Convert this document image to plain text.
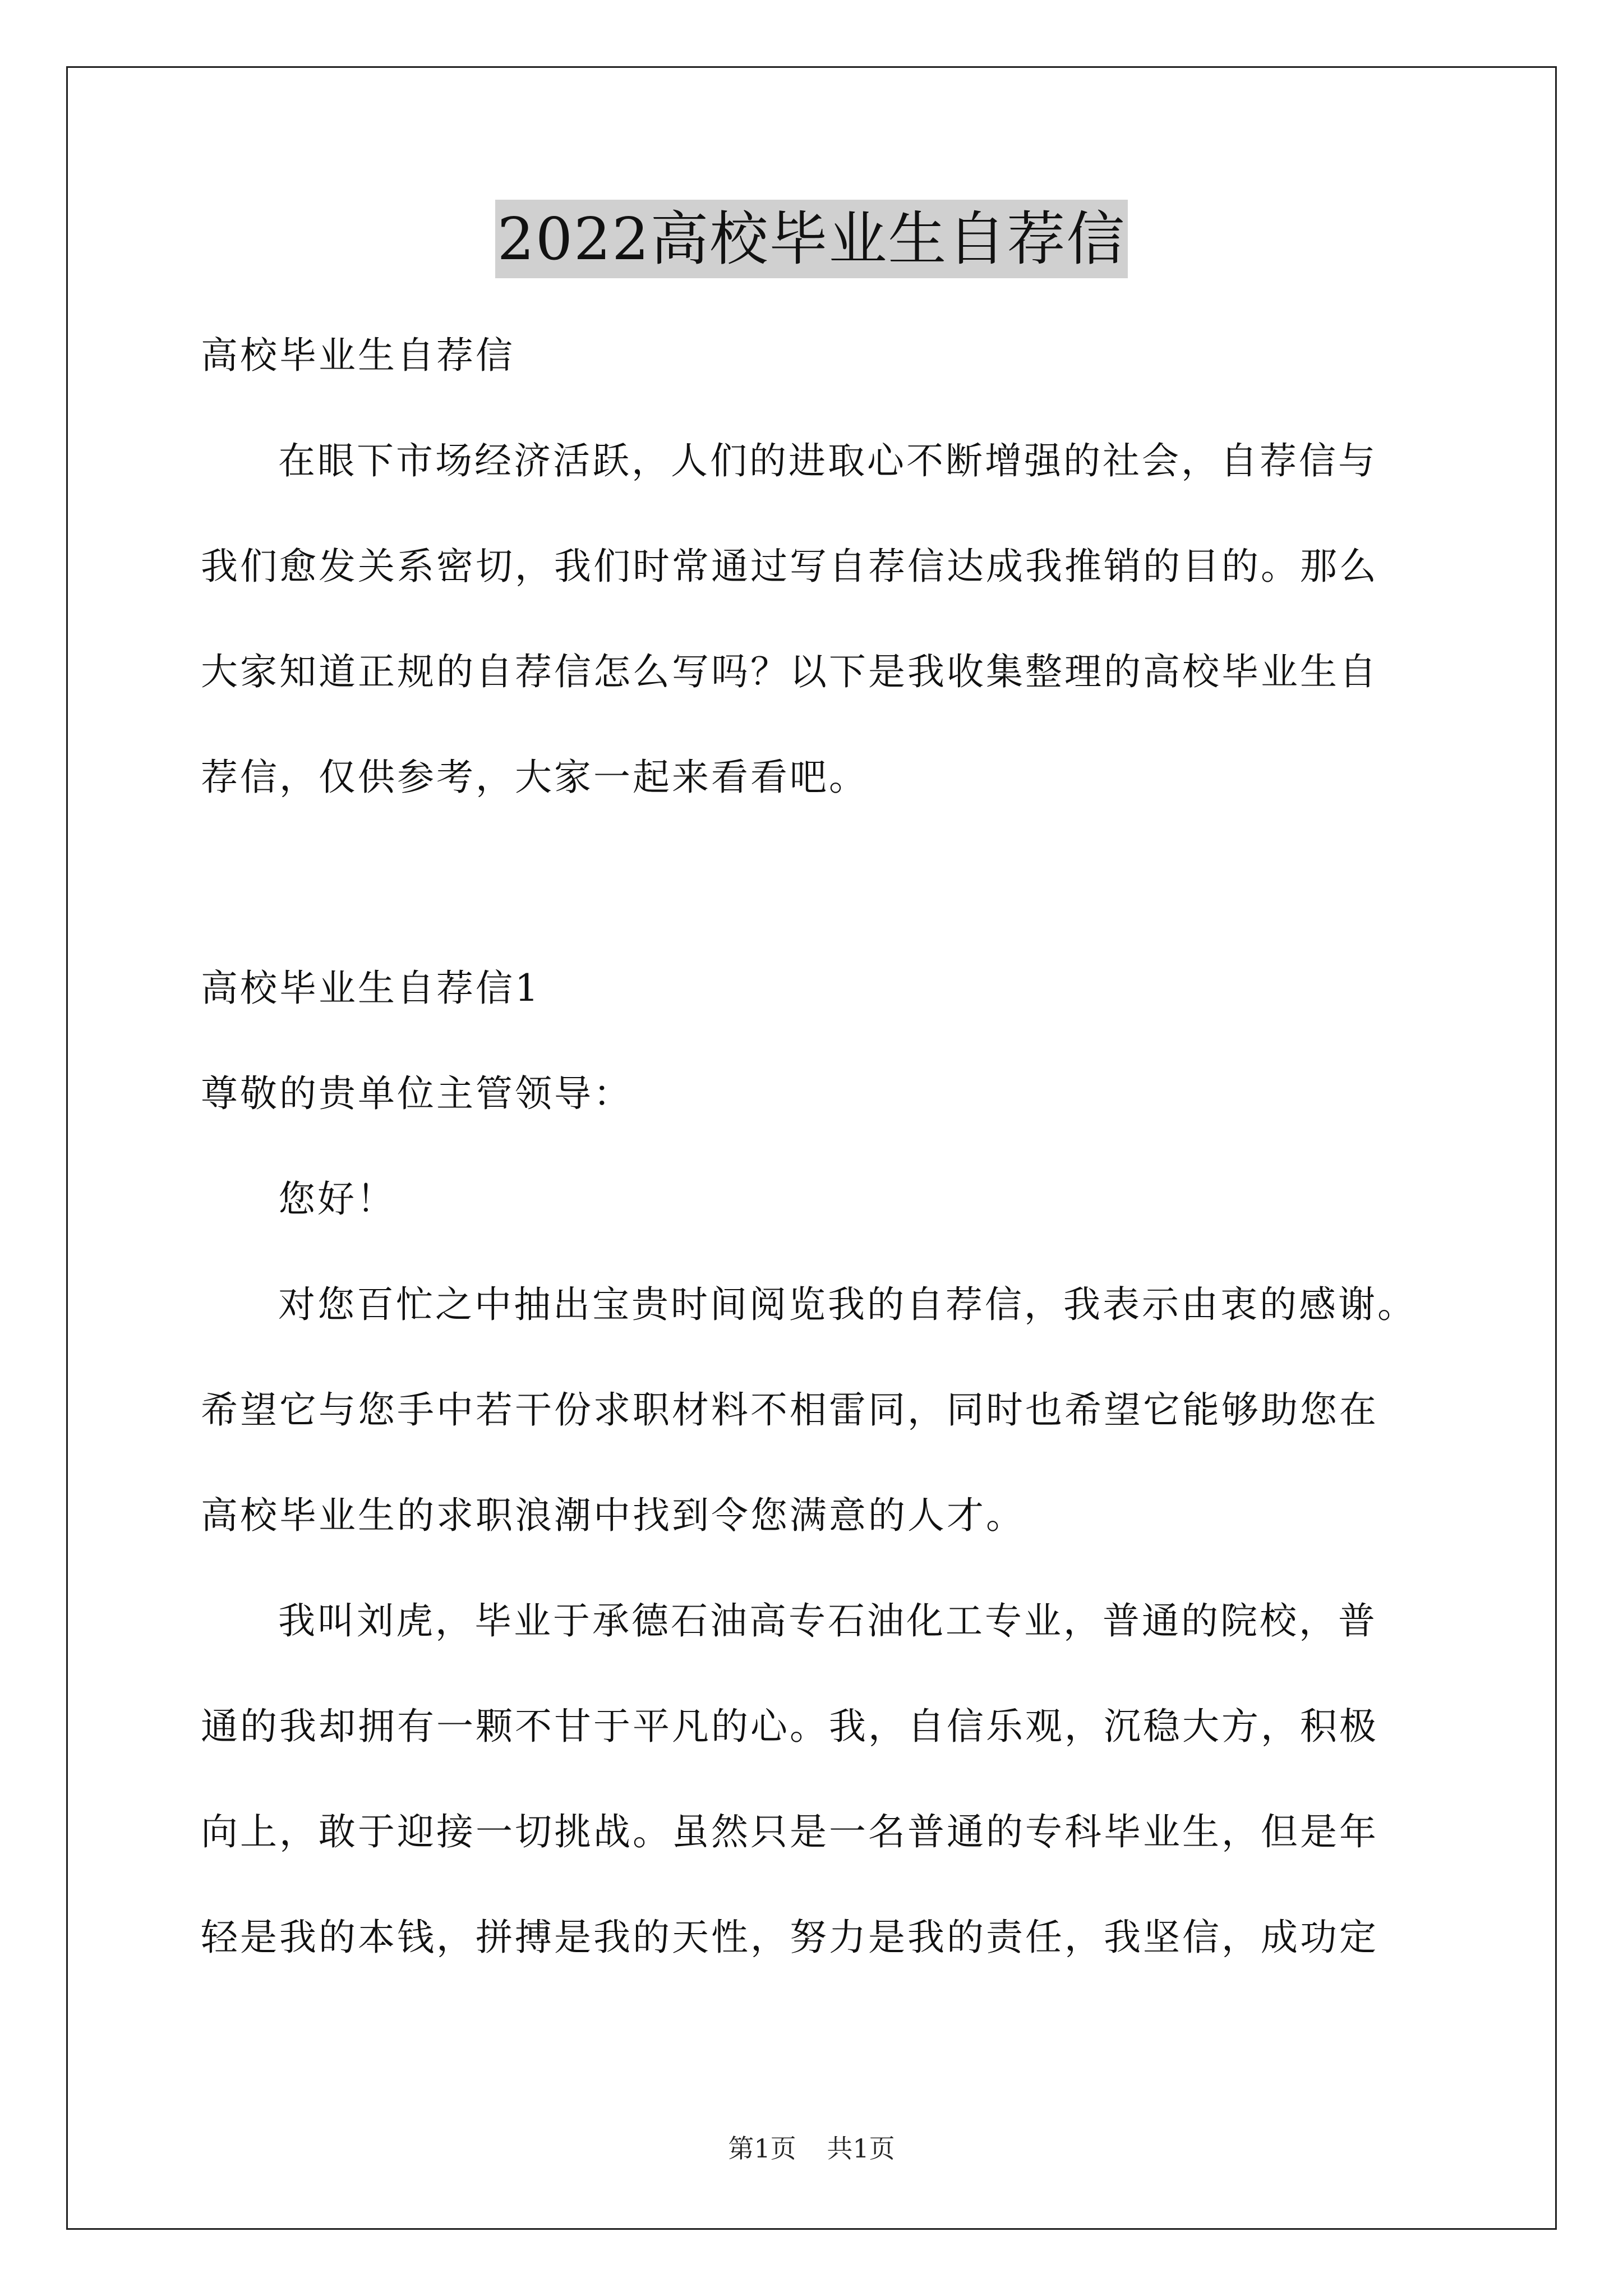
2022高校毕业生自荐信
高校毕业生自荐信
在眼下市场经济活跃，人们的进取心不断增强的社会，自荐信与
我们愈发关系密切，我们时常通过写自荐信达成我推销的目的。那么
大家知道正规的自荐信怎么写吗？以下是我收集整理的高校毕业生自
荐信，仅供参考，大家一起来看看吧。
高校毕业生自荐信1
尊敬的贵单位主管领导：
您好！
对您百忙之中抽出宝贵时间阅览我的自荐信，我表示由衷的感谢。
希望它与您手中若干份求职材料不相雷同，同时也希望它能够助您在
高校毕业生的求职浪潮中找到令您满意的人才。
我叫刘虎，毕业于承德石油高专石油化工专业，普通的院校，普
通的我却拥有一颗不甘于平凡的心。我，自信乐观，沉稳大方，积极
向上，敢于迎接一切挑战。虽然只是一名普通的专科毕业生，但是年
轻是我的本钱，拼搏是我的天性，努力是我的责任，我坚信，成功定
第1页 共1页
